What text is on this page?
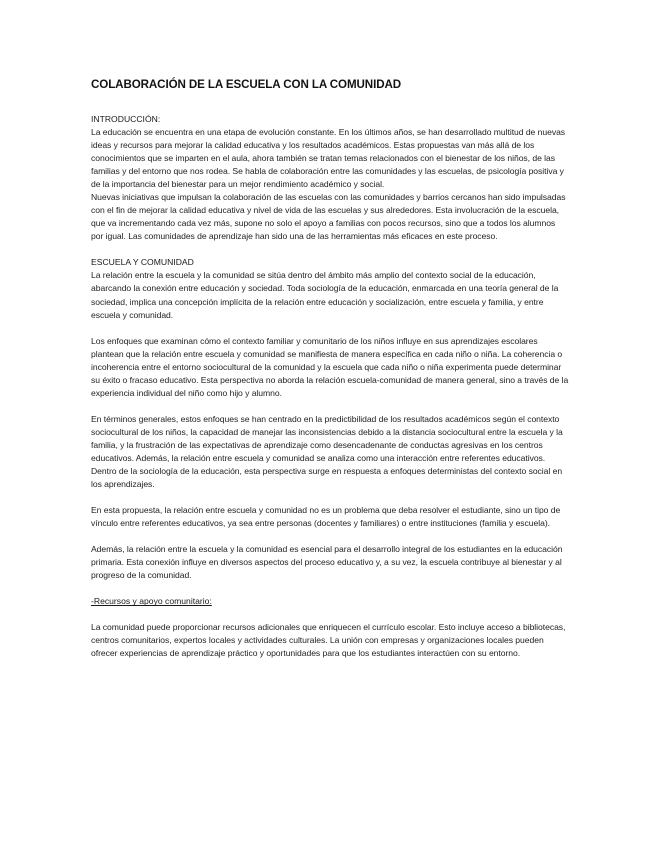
COLABORACIÓN DE LA ESCUELA CON LA COMUNIDAD

INTRODUCCIÓN:

La educación se encuentra en una etapa de evolución constante. En los últimos años, se han desarrollado multitud de nuevas ideas y recursos para mejorar la calidad educativa y los resultados académicos. Estas propuestas van más allá de los conocimientos que se imparten en el aula, ahora también se tratan temas relacionados con el bienestar de los niños, de las familias y del entorno que nos rodea. Se habla de colaboración entre las comunidades y las escuelas, de psicología positiva y de la importancia del bienestar para un mejor rendimiento académico y social.

Nuevas iniciativas que impulsan la colaboración de las escuelas con las comunidades y barrios cercanos han sido impulsadas con el fin de mejorar la calidad educativa y nivel de vida de las escuelas y sus alrededores. Esta involucración de la escuela, que va incrementando cada vez más, supone no solo el apoyo a familias con pocos recursos, sino que a todos los alumnos por igual. Las comunidades de aprendizaje han sido una de las herramientas más eficaces en este proceso.

ESCUELA Y COMUNIDAD

La relación entre la escuela y la comunidad se sitúa dentro del ámbito más amplio del contexto social de la educación, abarcando la conexión entre educación y sociedad. Toda sociología de la educación, enmarcada en una teoría general de la sociedad, implica una concepción implícita de la relación entre educación y socialización, entre escuela y familia, y entre escuela y comunidad.

Los enfoques que examinan cómo el contexto familiar y comunitario de los niños influye en sus aprendizajes escolares plantean que la relación entre escuela y comunidad se manifiesta de manera específica en cada niño o niña. La coherencia o incoherencia entre el entorno sociocultural de la comunidad y la escuela que cada niño o niña experimenta puede determinar su éxito o fracaso educativo. Esta perspectiva no aborda la relación escuela-comunidad de manera general, sino a través de la experiencia individual del niño como hijo y alumno.

En términos generales, estos enfoques se han centrado en la predictibilidad de los resultados académicos según el contexto sociocultural de los niños, la capacidad de manejar las inconsistencias debido a la distancia sociocultural entre la escuela y la familia, y la frustración de las expectativas de aprendizaje como desencadenante de conductas agresivas en los centros educativos. Además, la relación entre escuela y comunidad se analiza como una interacción entre referentes educativos. Dentro de la sociología de la educación, esta perspectiva surge en respuesta a enfoques deterministas del contexto social en los aprendizajes.

En esta propuesta, la relación entre escuela y comunidad no es un problema que deba resolver el estudiante, sino un tipo de vínculo entre referentes educativos, ya sea entre personas (docentes y familiares) o entre instituciones (familia y escuela).

Además, la relación entre la escuela y la comunidad es esencial para el desarrollo integral de los estudiantes en la educación primaria. Esta conexión influye en diversos aspectos del proceso educativo y, a su vez, la escuela contribuye al bienestar y al progreso de la comunidad.

-Recursos y apoyo comunitario:

La comunidad puede proporcionar recursos adicionales que enriquecen el currículo escolar. Esto incluye acceso a bibliotecas, centros comunitarios, expertos locales y actividades culturales. La unión con empresas y organizaciones locales pueden ofrecer experiencias de aprendizaje práctico y oportunidades para que los estudiantes interactúen con su entorno.
